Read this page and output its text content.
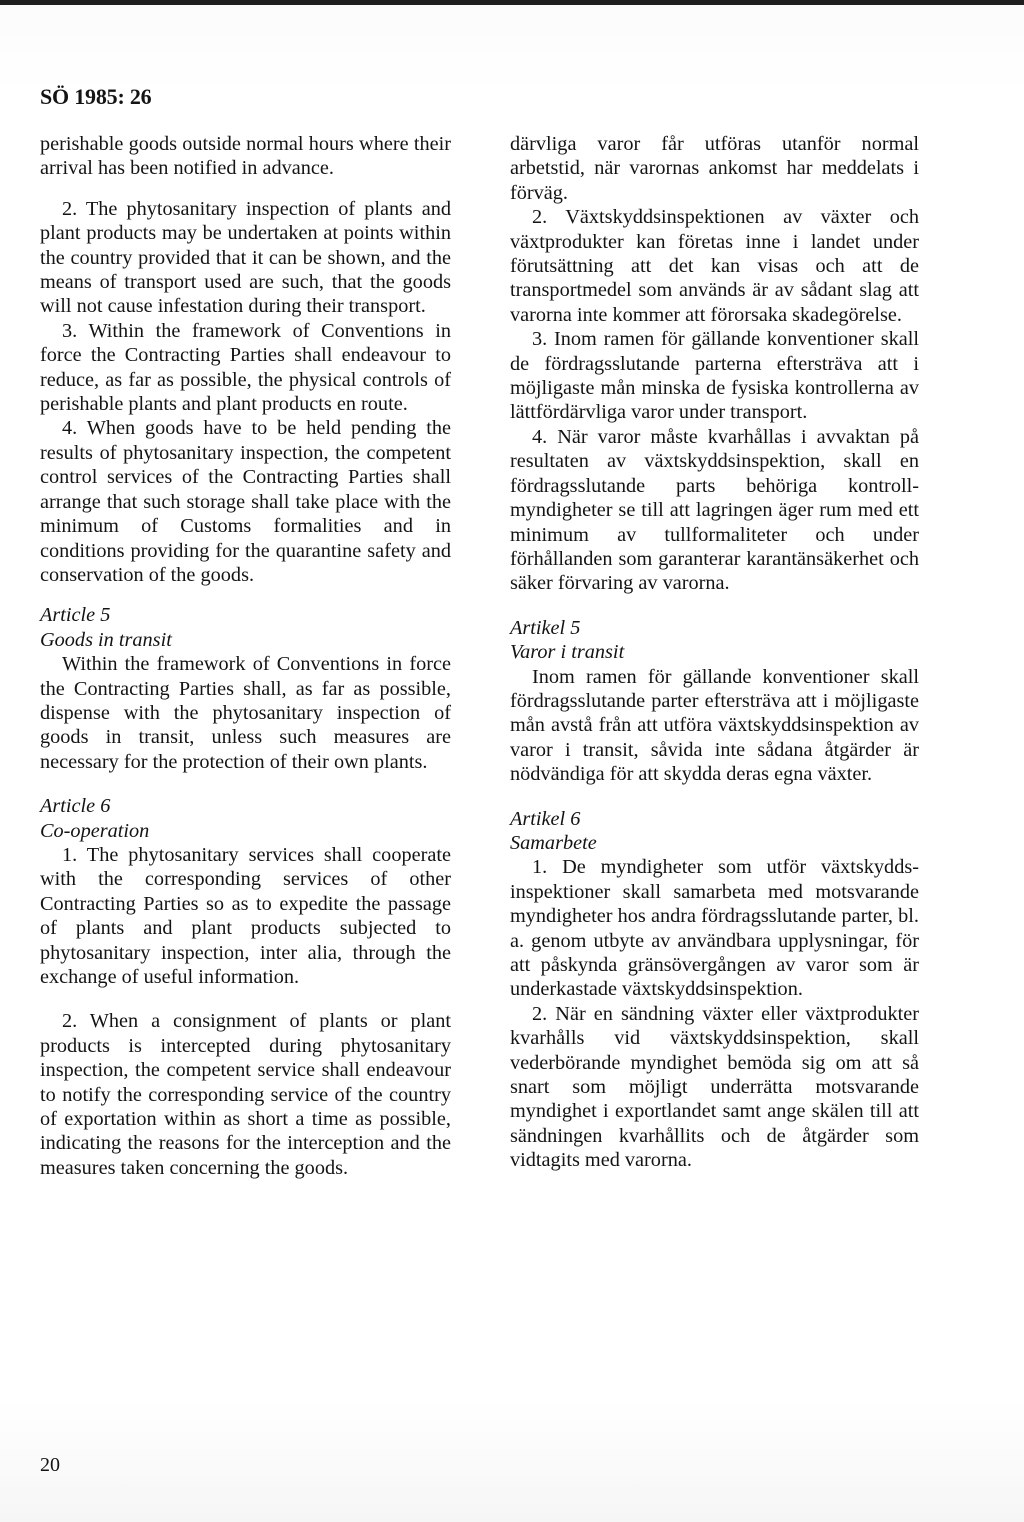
SÖ 1985: 26

perishable goods outside normal hours where their arrival has been notified in advance.

2. The phytosanitary inspection of plants and plant products may be undertaken at points within the country provided that it can be shown, and the means of transport used are such, that the goods will not cause infestation during their transport.

3. Within the framework of Conventions in force the Contracting Parties shall endeavour to reduce, as far as possible, the physical controls of perishable plants and plant products en route.

4. When goods have to be held pending the results of phytosanitary inspection, the competent control services of the Contracting Parties shall arrange that such storage shall take place with the minimum of Customs formalities and in conditions providing for the quarantine safety and conservation of the goods.

Article 5

Goods in transit

Within the framework of Conventions in force the Contracting Parties shall, as far as possible, dispense with the phytosanitary inspection of goods in transit, unless such measures are necessary for the protection of their own plants.

Article 6

Co-operation

1. The phytosanitary services shall cooperate with the corresponding services of other Contracting Parties so as to expedite the passage of plants and plant products subjected to phytosanitary inspection, inter alia, through the exchange of useful information.

2. When a consignment of plants or plant products is intercepted during phytosanitary inspection, the competent service shall endeavour to notify the corresponding service of the country of exportation within as short a time as possible, indicating the reasons for the interception and the measures taken concerning the goods.

därvliga varor får utföras utanför normal arbetstid, när varornas ankomst har meddelats i förväg.

2. Växtskyddsinspektionen av växter och växtprodukter kan företas inne i landet under förutsättning att det kan visas och att de transportmedel som används är av sådant slag att varorna inte kommer att förorsaka skadegörelse.

3. Inom ramen för gällande konventioner skall de fördragsslutande parterna eftersträva att i möjligaste mån minska de fysiska kontrollerna av lättfördärvliga varor under transport.

4. När varor måste kvarhållas i avvaktan på resultaten av växtskyddsinspektion, skall en fördragsslutande parts behöriga kontrollmyndigheter se till att lagringen äger rum med ett minimum av tullformaliteter och under förhållanden som garanterar karantänsäkerhet och säker förvaring av varorna.

Artikel 5

Varor i transit

Inom ramen för gällande konventioner skall fördragsslutande parter eftersträva att i möjligaste mån avstå från att utföra växtskyddsinspektion av varor i transit, såvida inte sådana åtgärder är nödvändiga för att skydda deras egna växter.

Artikel 6

Samarbete

1. De myndigheter som utför växtskyddsinspektioner skall samarbeta med motsvarande myndigheter hos andra fördragsslutande parter, bl. a. genom utbyte av användbara upplysningar, för att påskynda gränsövergången av varor som är underkastade växtskyddsinspektion.

2. När en sändning växter eller växtprodukter kvarhålls vid växtskyddsinspektion, skall vederbörande myndighet bemöda sig om att så snart som möjligt underrätta motsvarande myndighet i exportlandet samt ange skälen till att sändningen kvarhållits och de åtgärder som vidtagits med varorna.

20
